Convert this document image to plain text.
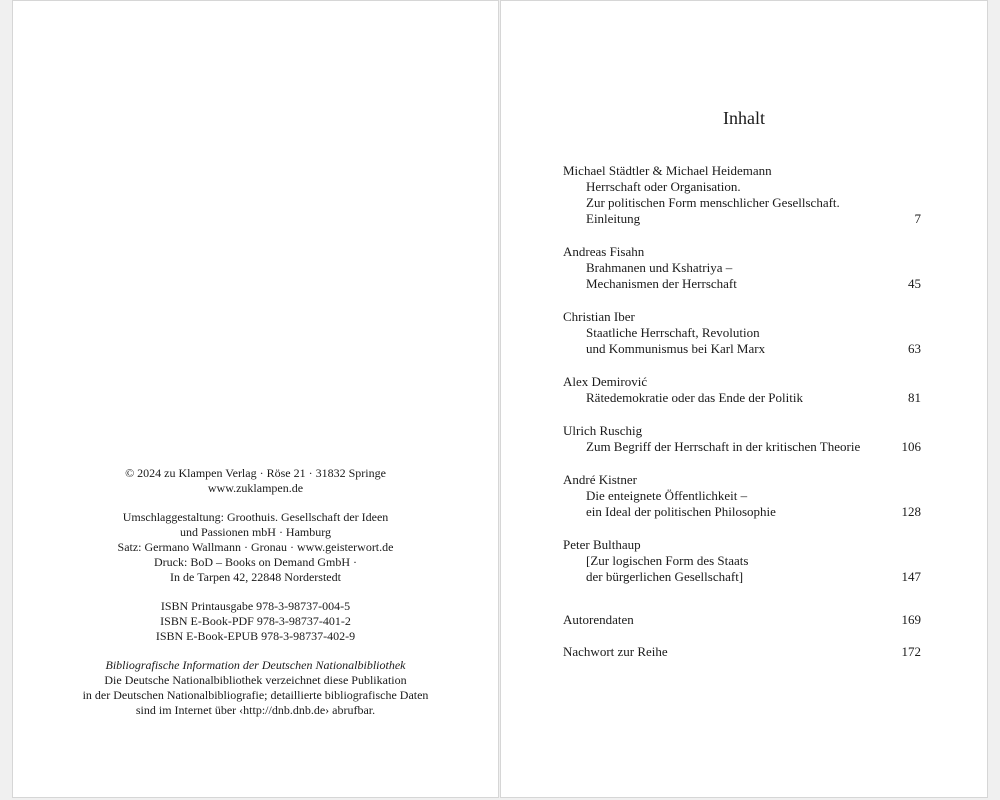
© 2024 zu Klampen Verlag · Röse 21 · 31832 Springe
www.zuklampen.de
Umschlaggestaltung: Groothuis. Gesellschaft der Ideen
und Passionen mbH · Hamburg
Satz: Germano Wallmann · Gronau · www.geisterwort.de
Druck: BoD – Books on Demand GmbH ·
In de Tarpen 42, 22848 Norderstedt
ISBN Printausgabe 978-3-98737-004-5
ISBN E-Book-PDF 978-3-98737-401-2
ISBN E-Book-EPUB 978-3-98737-402-9
Bibliografische Information der Deutschen Nationalbibliothek
Die Deutsche Nationalbibliothek verzeichnet diese Publikation
in der Deutschen Nationalbibliografie; detaillierte bibliografische Daten
sind im Internet über ‹http://dnb.dnb.de› abrufbar.
Inhalt
Michael Städtler & Michael Heidemann
Herrschaft oder Organisation.
Zur politischen Form menschlicher Gesellschaft.
Einleitung	7
Andreas Fisahn
Brahmanen und Kshatriya –
Mechanismen der Herrschaft	45
Christian Iber
Staatliche Herrschaft, Revolution
und Kommunismus bei Karl Marx	63
Alex Demirović
Rätedemokratie oder das Ende der Politik	81
Ulrich Ruschig
Zum Begriff der Herrschaft in der kritischen Theorie	106
André Kistner
Die enteignete Öffentlichkeit –
ein Ideal der politischen Philosophie	128
Peter Bulthaup
[Zur logischen Form des Staats
der bürgerlichen Gesellschaft]	147
Autorendaten	169
Nachwort zur Reihe	172
